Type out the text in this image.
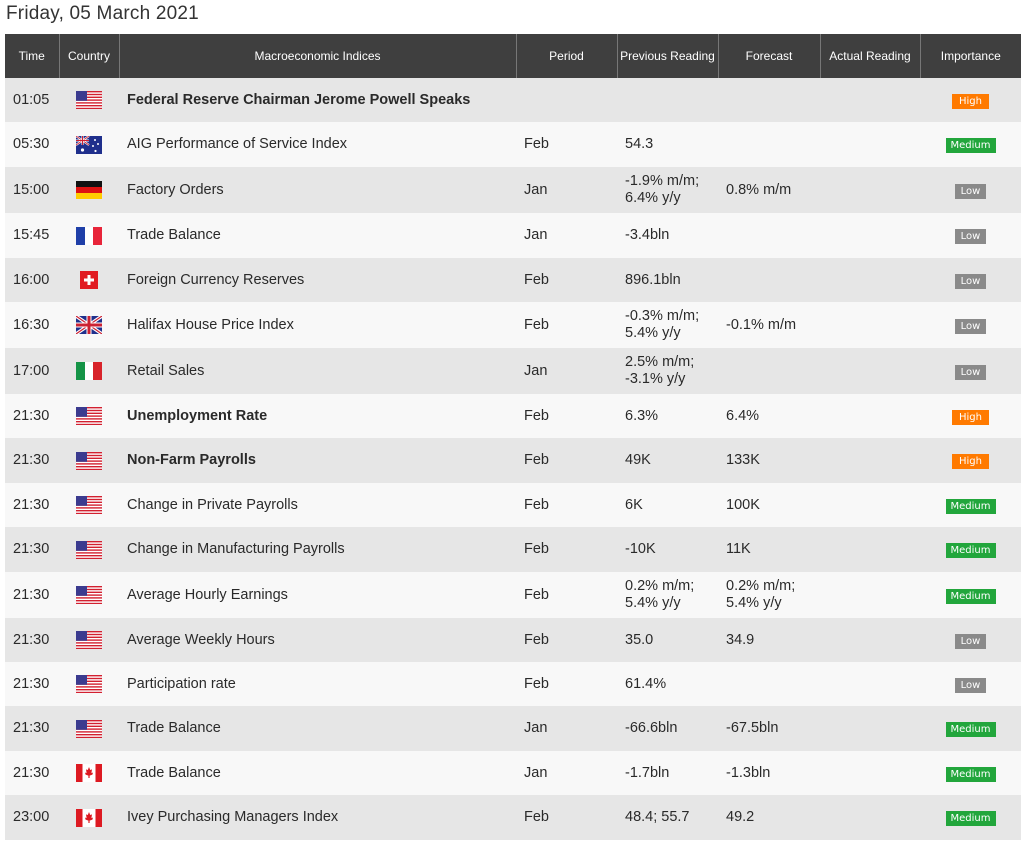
Friday, 05 March 2021
Time	Country	Macroeconomic Indices	Period	Previous Reading	Forecast	Actual Reading	Importance
01:05		Federal Reserve Chairman Jerome Powell Speaks					High
05:30		AIG Performance of Service Index	Feb	54.3			Medium
15:00		Factory Orders	Jan	-1.9% m/m;
6.4% y/y	0.8% m/m		Low
15:45		Trade Balance	Jan	-3.4bln			Low
16:00		Foreign Currency Reserves	Feb	896.1bln			Low
16:30		Halifax House Price Index	Feb	-0.3% m/m;
5.4% y/y	-0.1% m/m		Low
17:00		Retail Sales	Jan	2.5% m/m;
-3.1% y/y			Low
21:30		Unemployment Rate	Feb	6.3%	6.4%		High
21:30		Non-Farm Payrolls	Feb	49K	133K		High
21:30		Change in Private Payrolls	Feb	6K	100K		Medium
21:30		Change in Manufacturing Payrolls	Feb	-10K	11K		Medium
21:30		Average Hourly Earnings	Feb	0.2% m/m;
5.4% y/y	0.2% m/m;
5.4% y/y		Medium
21:30		Average Weekly Hours	Feb	35.0	34.9		Low
21:30		Participation rate	Feb	61.4%			Low
21:30		Trade Balance	Jan	-66.6bln	-67.5bln		Medium
21:30		Trade Balance	Jan	-1.7bln	-1.3bln		Medium
23:00		Ivey Purchasing Managers Index	Feb	48.4; 55.7	49.2		Medium
